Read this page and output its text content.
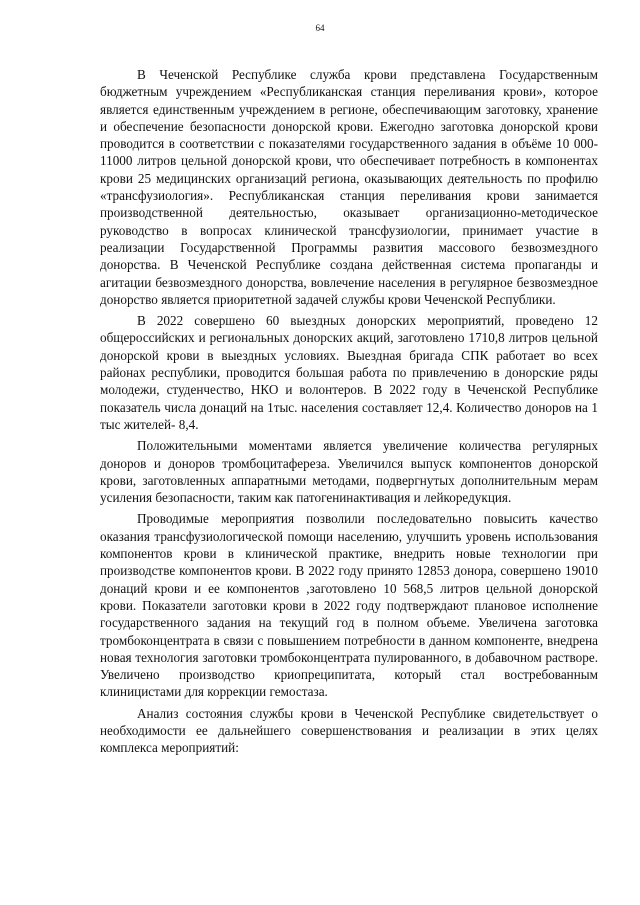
64

В Чеченской Республике служба крови представлена Государственным бюджетным учреждением «Республиканская станция переливания крови», которое является единственным учреждением в регионе, обеспечивающим заготовку, хранение и обеспечение безопасности донорской крови. Ежегодно заготовка донорской крови проводится в соответствии с показателями государственного задания в объёме 10 000- 11000 литров цельной донорской крови, что обеспечивает потребность в компонентах крови 25 медицинских организаций региона, оказывающих деятельность по профилю «трансфузиология». Республиканская станция переливания крови занимается производственной деятельностью, оказывает организационно-методическое руководство в вопросах клинической трансфузиологии, принимает участие в реализации Государственной Программы развития массового безвозмездного донорства. В Чеченской Республике создана действенная система пропаганды и агитации безвозмездного донорства, вовлечение населения в регулярное безвозмездное донорство является приоритетной задачей службы крови Чеченской Республики.

В 2022 совершено 60 выездных донорских мероприятий, проведено 12 общероссийских и региональных донорских акций, заготовлено 1710,8 литров цельной донорской крови в выездных условиях. Выездная бригада СПК работает во всех районах республики, проводится большая работа по привлечению в донорские ряды молодежи, студенчество, НКО и волонтеров. В 2022 году в Чеченской Республике показатель числа донаций на 1тыс. населения составляет 12,4. Количество доноров на 1 тыс жителей- 8,4.

Положительными моментами является увеличение количества регулярных доноров и доноров тромбоцитафереза. Увеличился выпуск компонентов донорской крови, заготовленных аппаратными методами, подвергнутых дополнительным мерам усиления безопасности, таким как патогенинактивация и лейкоредукция.

Проводимые мероприятия позволили последовательно повысить качество оказания трансфузиологической помощи населению, улучшить уровень использования компонентов крови в клинической практике, внедрить новые технологии при производстве компонентов крови. В 2022 году принято 12853 донора, совершено 19010 донаций крови и ее компонентов ,заготовлено 10 568,5 литров цельной донорской крови. Показатели заготовки крови в 2022 году подтверждают плановое исполнение государственного задания на текущий год в полном объеме. Увеличена заготовка тромбоконцентрата в связи с повышением потребности в данном компоненте, внедрена новая технология заготовки тромбоконцентрата пулированного, в добавочном растворе. Увеличено производство криопреципитата, который стал востребованным клиницистами для коррекции гемостаза.

Анализ состояния службы крови в Чеченской Республике свидетельствует о необходимости ее дальнейшего совершенствования и реализации в этих целях комплекса мероприятий:
